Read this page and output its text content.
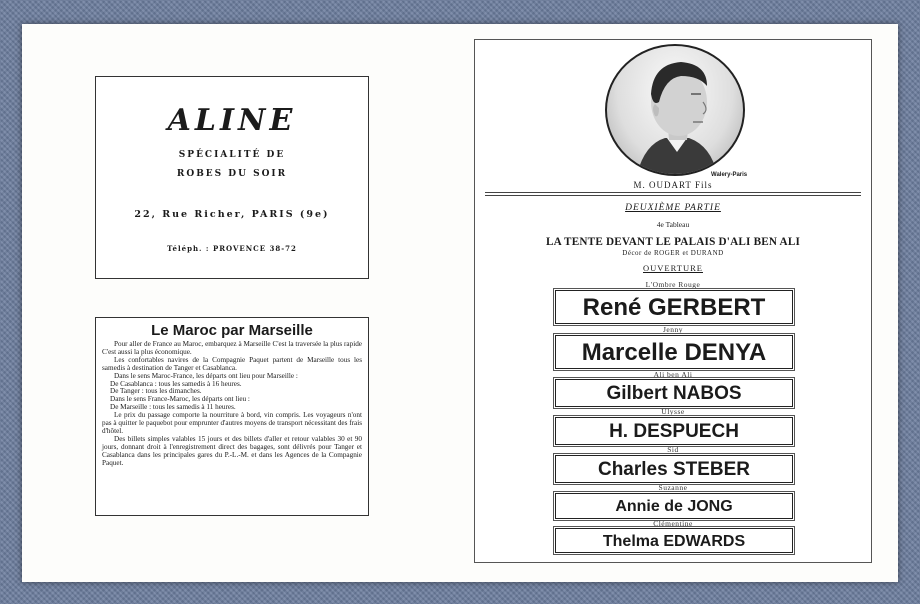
ALINE
SPÉCIALITÉ DE
ROBES DU SOIR
22, Rue Richer, PARIS (9e)
Téléph. : PROVENCE 38-72
Le Maroc par Marseille

Pour aller de France au Maroc, embarquez à Marseille C'est la traversée la plus rapide C'est aussi la plus économique.

Les confortables navires de la Compagnie Paquet partent de Marseille tous les samedis à destination de Tanger et Casablanca.

Dans le sens Maroc-France, les départs ont lieu pour Marseille :

De Casablanca : tous les samedis à 16 heures.

De Tanger : tous les dimanches.

Dans le sens France-Maroc, les départs ont lieu :

De Marseille : tous les samedis à 11 heures.

Le prix du passage comporte la nourriture à bord, vin compris. Les voyageurs n'ont pas à quitter le paquebot pour emprunter d'autres moyens de transport nécessitant des frais d'hôtel.

Des billets simples valables 15 jours et des billets d'aller et retour valables 30 et 90 jours, donnant droit à l'enregistrement direct des bagages, sont délivrés pour Tanger et Casablanca dans les principales gares du P.-L.-M. et dans les Agences de la Compagnie Paquet.

Walery-Paris
M. OUDART Fils
DEUXIÈME PARTIE
4e Tableau
LA TENTE DEVANT LE PALAIS D'ALI BEN ALI
Décor de ROGER et DURAND
OUVERTURE
L'Ombre Rouge
René GERBERT
Jenny
Marcelle DENYA
Ali ben Ali
Gilbert NABOS
Ulysse
H. DESPUECH
Sid
Charles STEBER
Suzanne
Annie de JONG
Clémentine
Thelma EDWARDS
